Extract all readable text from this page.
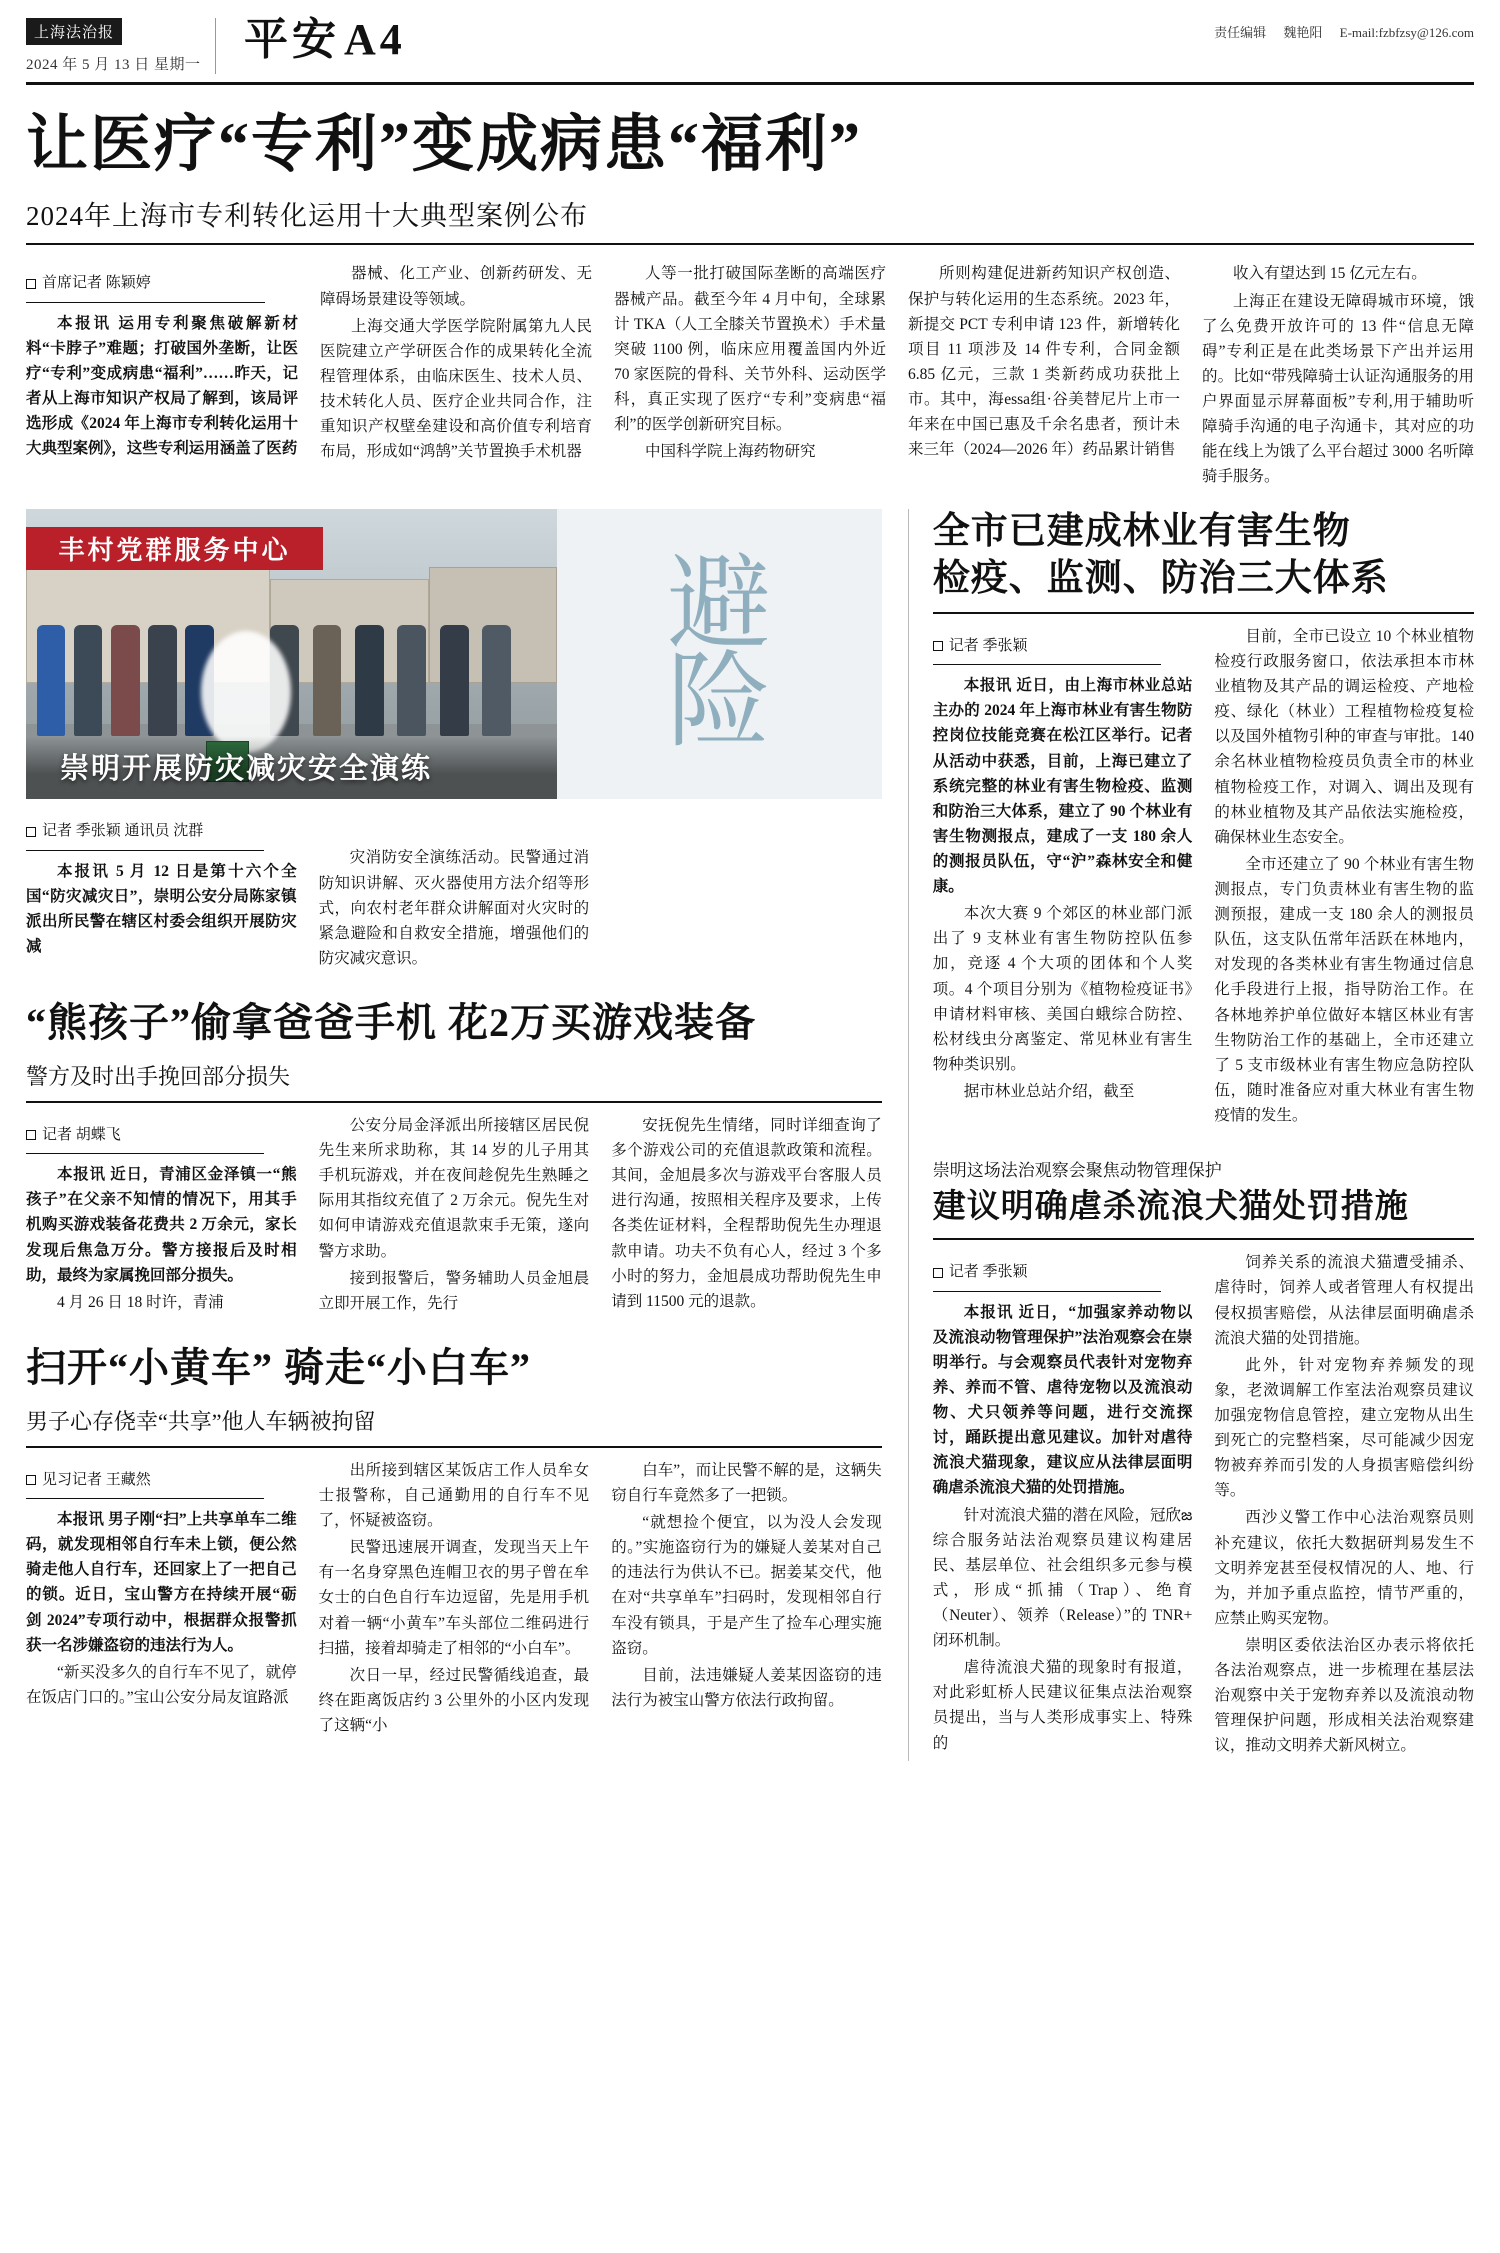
上海法治报
2024 年 5 月 13 日 星期一
平安 A4	责任编辑 魏艳阳 E-mail:fzbfzsy@126.com
让医疗“专利”变成病患“福利”
2024年上海市专利转化运用十大典型案例公布
首席记者 陈颖婷

本报讯 运用专利聚焦破解新材料“卡脖子”难题；打破国外垄断，让医疗“专利”变成病患“福利”……昨天，记者从上海市知识产权局了解到，该局评选形成《2024 年上海市专利转化运用十大典型案例》，这些专利运用涵盖了医药

器械、化工产业、创新药研发、无障碍场景建设等领域。

上海交通大学医学院附属第九人民医院建立产学研医合作的成果转化全流程管理体系，由临床医生、技术人员、技术转化人员、医疗企业共同合作，注重知识产权壁垒建设和高价值专利培育布局，形成如“鸿鹄”关节置换手术机器

人等一批打破国际垄断的高端医疗器械产品。截至今年 4 月中旬，全球累计 TKA（人工全膝关节置换术）手术量突破 1100 例，临床应用覆盖国内外近 70 家医院的骨科、关节外科、运动医学科，真正实现了医疗“专利”变病患“福利”的医学创新研究目标。

中国科学院上海药物研究

所则构建促进新药知识产权创造、保护与转化运用的生态系统。2023 年，新提交 PCT 专利申请 123 件，新增转化项目 11 项涉及 14 件专利，合同金额 6.85 亿元，三款 1 类新药成功获批上市。其中，海essa组·谷美替尼片上市一年来在中国已惠及千余名患者，预计未来三年（2024—2026 年）药品累计销售

收入有望达到 15 亿元左右。

上海正在建设无障碍城市环境，饿了么免费开放许可的 13 件“信息无障碍”专利正是在此类场景下产出并运用的。比如“带残障骑士认证沟通服务的用户界面显示屏幕面板”专利,用于辅助听障骑手沟通的电子沟通卡，其对应的功能在线上为饿了么平台超过 3000 名听障骑手服务。

丰村党群服务中心
崇明开展防灾减灾安全演练
避
险
记者 季张颖 通讯员 沈群

本报讯 5 月 12 日是第十六个全国“防灾减灾日”，崇明公安分局陈家镇派出所民警在辖区村委会组织开展防灾减

灾消防安全演练活动。民警通过消防知识讲解、灭火器使用方法介绍等形式，向农村老年群众讲解面对火灾时的紧急避险和自救安全措施，增强他们的防灾减灾意识。

“熊孩子”偷拿爸爸手机 花2万买游戏装备
警方及时出手挽回部分损失
记者 胡蝶飞

本报讯 近日，青浦区金泽镇一“熊孩子”在父亲不知情的情况下，用其手机购买游戏装备花费共 2 万余元，家长发现后焦急万分。警方接报后及时相助，最终为家属挽回部分损失。

4 月 26 日 18 时许，青浦

公安分局金泽派出所接辖区居民倪先生来所求助称，其 14 岁的儿子用其手机玩游戏，并在夜间趁倪先生熟睡之际用其指纹充值了 2 万余元。倪先生对如何申请游戏充值退款束手无策，遂向警方求助。

接到报警后，警务辅助人员金旭晨立即开展工作，先行

安抚倪先生情绪，同时详细查询了多个游戏公司的充值退款政策和流程。其间，金旭晨多次与游戏平台客服人员进行沟通，按照相关程序及要求，上传各类佐证材料，全程帮助倪先生办理退款申请。功夫不负有心人，经过 3 个多小时的努力，金旭晨成功帮助倪先生申请到 11500 元的退款。

扫开“小黄车” 骑走“小白车”
男子心存侥幸“共享”他人车辆被拘留
见习记者 王藏然

本报讯 男子刚“扫”上共享单车二维码，就发现相邻自行车未上锁，便公然骑走他人自行车，还回家上了一把自己的锁。近日，宝山警方在持续开展“砺剑 2024”专项行动中，根据群众报警抓获一名涉嫌盗窃的违法行为人。

“新买没多久的自行车不见了，就停在饭店门口的。”宝山公安分局友谊路派

出所接到辖区某饭店工作人员牟女士报警称，自己通勤用的自行车不见了，怀疑被盗窃。

民警迅速展开调查，发现当天上午有一名身穿黑色连帽卫衣的男子曾在牟女士的白色自行车边逗留，先是用手机对着一辆“小黄车”车头部位二维码进行扫描，接着却骑走了相邻的“小白车”。

次日一早，经过民警循线追查，最终在距离饭店约 3 公里外的小区内发现了这辆“小

白车”，而让民警不解的是，这辆失窃自行车竟然多了一把锁。

“就想捡个便宜，以为没人会发现的。”实施盗窃行为的嫌疑人姜某对自己的违法行为供认不已。据姜某交代，他在对“共享单车”扫码时，发现相邻自行车没有锁具，于是产生了捡车心理实施盗窃。

目前，法违嫌疑人姜某因盗窃的违法行为被宝山警方依法行政拘留。

全市已建成林业有害生物
检疫、监测、防治三大体系
记者 季张颖

本报讯 近日，由上海市林业总站主办的 2024 年上海市林业有害生物防控岗位技能竞赛在松江区举行。记者从活动中获悉，目前，上海已建立了系统完整的林业有害生物检疫、监测和防治三大体系，建立了 90 个林业有害生物测报点，建成了一支 180 余人的测报员队伍，守“沪”森林安全和健康。

本次大赛 9 个郊区的林业部门派出了 9 支林业有害生物防控队伍参加，竞逐 4 个大项的团体和个人奖项。4 个项目分别为《植物检疫证书》申请材料审核、美国白蛾综合防控、松材线虫分离鉴定、常见林业有害生物种类识别。

据市林业总站介绍，截至

目前，全市已设立 10 个林业植物检疫行政服务窗口，依法承担本市林业植物及其产品的调运检疫、产地检疫、绿化（林业）工程植物检疫复检以及国外植物引种的审查与审批。140 余名林业植物检疫员负责全市的林业植物检疫工作，对调入、调出及现有的林业植物及其产品依法实施检疫，确保林业生态安全。

全市还建立了 90 个林业有害生物测报点，专门负责林业有害生物的监测预报，建成一支 180 余人的测报员队伍，这支队伍常年活跃在林地内，对发现的各类林业有害生物通过信息化手段进行上报，指导防治工作。在各林地养护单位做好本辖区林业有害生物防治工作的基础上，全市还建立了 5 支市级林业有害生物应急防控队伍，随时准备应对重大林业有害生物疫情的发生。

崇明这场法治观察会聚焦动物管理保护
建议明确虐杀流浪犬猫处罚措施
记者 季张颖

本报讯 近日，“加强家养动物以及流浪动物管理保护”法治观察会在崇明举行。与会观察员代表针对宠物弃养、养而不管、虐待宠物以及流浪动物、犬只领养等问题，进行交流探讨，踊跃提出意见建议。加针对虐待流浪犬猫现象，建议应从法律层面明确虐杀流浪犬猫的处罚措施。

针对流浪犬猫的潜在风险，冠欣జ综合服务站法治观察员建议构建居民、基层单位、社会组织多元参与模式，形成“抓捕（Trap）、绝育（Neuter）、领养（Release）”的 TNR+ 闭环机制。

虐待流浪犬猫的现象时有报道，对此彩虹桥人民建议征集点法治观察员提出，当与人类形成事实上、特殊的

饲养关系的流浪犬猫遭受捕杀、虐待时，饲养人或者管理人有权提出侵权损害赔偿，从法律层面明确虐杀流浪犬猫的处罚措施。

此外，针对宠物弃养频发的现象，老滧调解工作室法治观察员建议加强宠物信息管控，建立宠物从出生到死亡的完整档案，尽可能减少因宠物被弃养而引发的人身损害赔偿纠纷等。

西沙义警工作中心法治观察员则补充建议，依托大数据研判易发生不文明养宠甚至侵权情况的人、地、行为，并加予重点监控，情节严重的，应禁止购买宠物。

崇明区委依法治区办表示将依托各法治观察点，进一步梳理在基层法治观察中关于宠物弃养以及流浪动物管理保护问题，形成相关法治观察建议，推动文明养犬新风树立。
